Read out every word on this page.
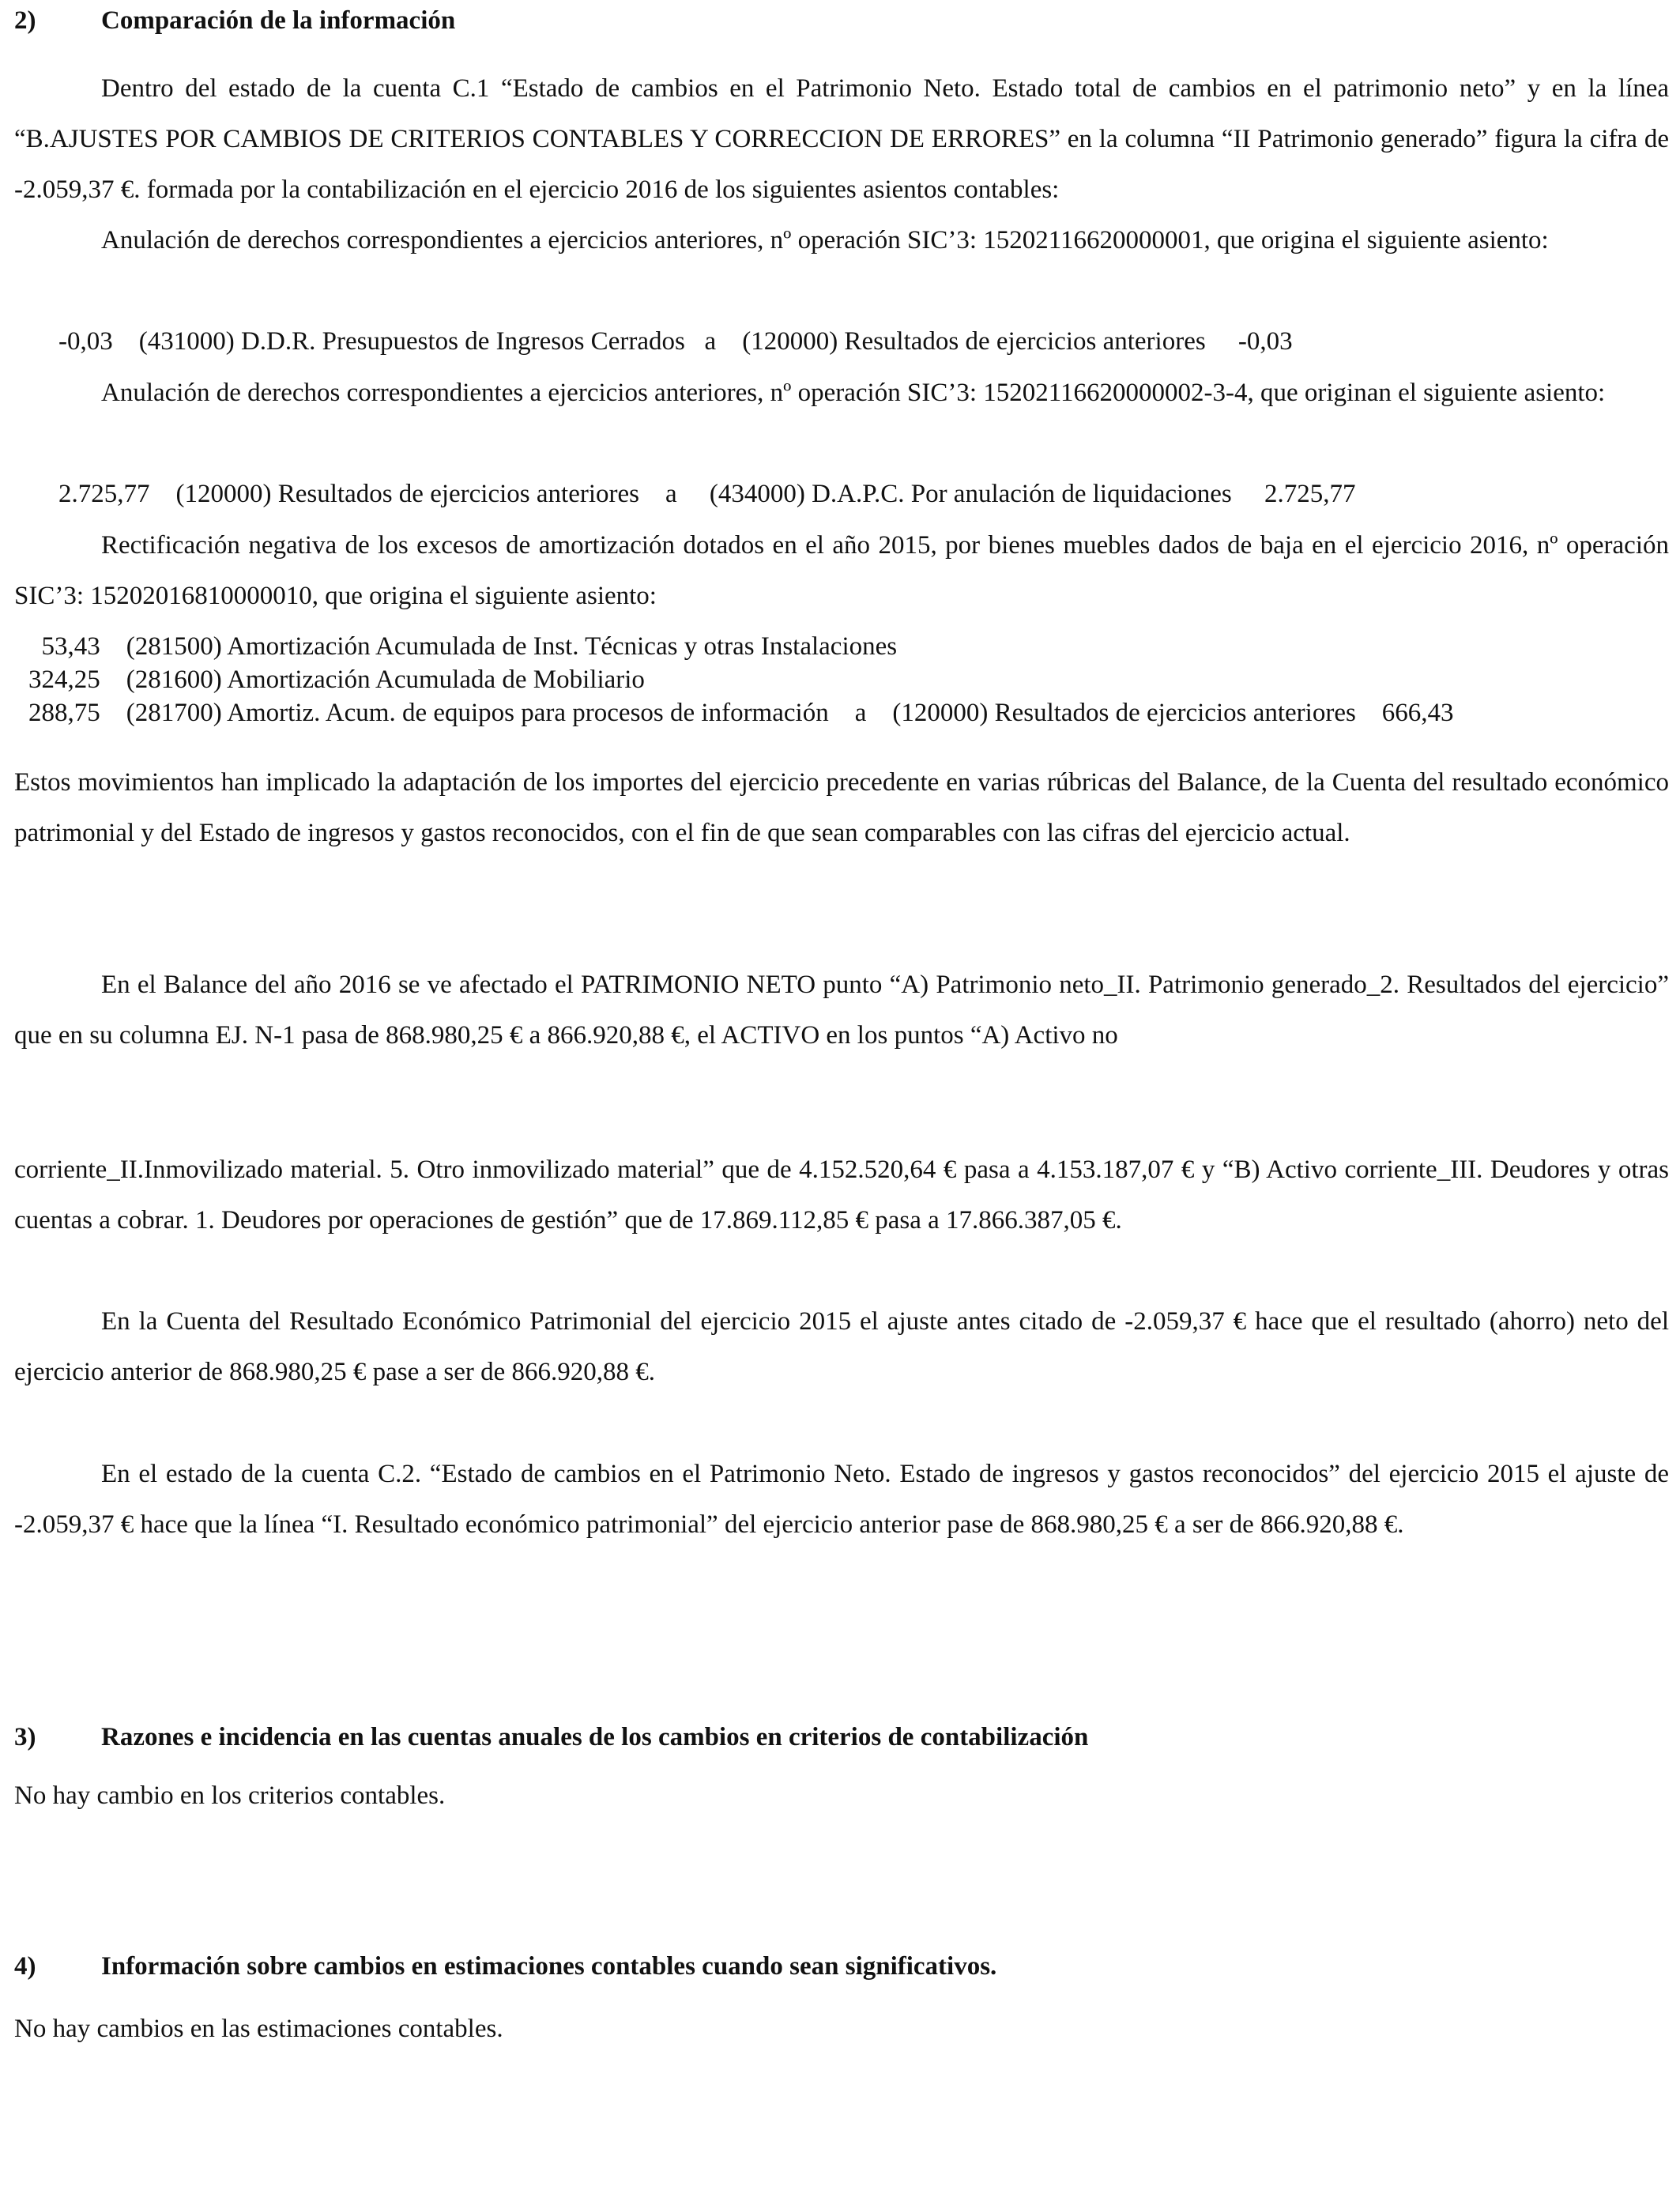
2)	Comparación de la información
Dentro del estado de la cuenta C.1 “Estado de cambios en el Patrimonio Neto. Estado total de cambios en el patrimonio neto” y en la línea “B.AJUSTES POR CAMBIOS DE CRITERIOS CONTABLES Y CORRECCION DE ERRORES” en la columna “II Patrimonio generado” figura la cifra de -2.059,37 €. formada por la contabilización en el ejercicio 2016 de los siguientes asientos contables:
Anulación de derechos correspondientes a ejercicios anteriores, nº operación SIC’3: 15202116620000001, que origina el siguiente asiento:
-0,03    (431000) D.D.R. Presupuestos de Ingresos Cerrados   a    (120000) Resultados de ejercicios anteriores     -0,03
Anulación de derechos correspondientes a ejercicios anteriores, nº operación SIC’3: 15202116620000002-3-4, que originan el siguiente asiento:
2.725,77    (120000) Resultados de ejercicios anteriores    a     (434000) D.A.P.C. Por anulación de liquidaciones     2.725,77
Rectificación negativa de los excesos de amortización dotados en el año 2015, por bienes muebles dados de baja en el ejercicio 2016, nº operación SIC’3: 15202016810000010, que origina el siguiente asiento:
53,43    (281500) Amortización Acumulada de Inst. Técnicas y otras Instalaciones
324,25    (281600) Amortización Acumulada de Mobiliario
288,75    (281700) Amortiz. Acum. de equipos para procesos de información    a    (120000) Resultados de ejercicios anteriores    666,43
Estos movimientos han implicado la adaptación de los importes del ejercicio precedente en varias rúbricas del Balance, de la Cuenta del resultado económico patrimonial y del Estado de ingresos y gastos reconocidos, con el fin de que sean comparables con las cifras del ejercicio actual.
En el Balance del año 2016 se ve afectado el PATRIMONIO NETO punto “A) Patrimonio neto_II. Patrimonio generado_2. Resultados del ejercicio” que en su columna EJ. N-1 pasa de 868.980,25 € a 866.920,88 €, el ACTIVO en los puntos “A) Activo no
corriente_II.Inmovilizado material. 5. Otro inmovilizado material” que de 4.152.520,64 € pasa a 4.153.187,07 € y “B) Activo corriente_III. Deudores y otras cuentas a cobrar. 1. Deudores por operaciones de gestión” que de 17.869.112,85 € pasa a 17.866.387,05 €.
En la Cuenta del Resultado Económico Patrimonial del ejercicio 2015 el ajuste antes citado de -2.059,37 € hace que el resultado (ahorro) neto del ejercicio anterior de 868.980,25 € pase a ser de 866.920,88 €.
En el estado de la cuenta C.2. “Estado de cambios en el Patrimonio Neto. Estado de ingresos y gastos reconocidos” del ejercicio 2015 el ajuste de -2.059,37 € hace que la línea “I. Resultado económico patrimonial” del ejercicio anterior pase de 868.980,25 € a ser de 866.920,88 €.
3)	Razones e incidencia en las cuentas anuales de los cambios en criterios de contabilización
No hay cambio en los criterios contables.
4)	Información sobre cambios en estimaciones contables cuando sean significativos.
No hay cambios en las estimaciones contables.
